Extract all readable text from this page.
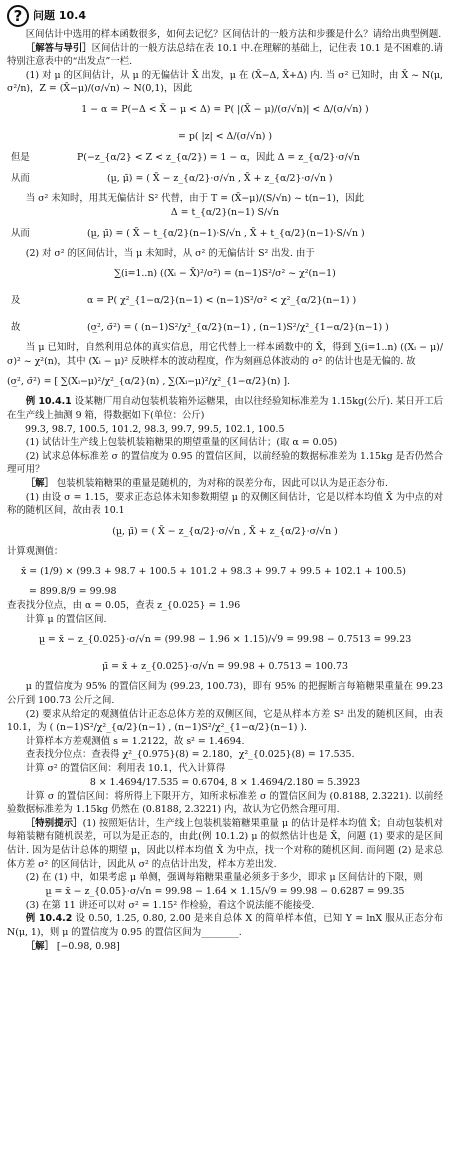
? 问题 10.4

区间估计中选用的样本函数很多，如何去记忆？区间估计的一般方法和步骤是什么？请给出典型例题.

［解答与导引］区间估计的一般方法总结在表 10.1 中.在理解的基础上，记住表 10.1 是不困难的.请特别注意表中的“出发点”一栏.

(1) 对 μ 的区间估计，从 μ 的无偏估计 X̄ 出发，μ 在 (X̄−Δ, X̄+Δ) 内. 当 σ² 已知时，由 X̄ ~ N(μ, σ²/n)，Z = (X̄−μ)/(σ/√n) ~ N(0,1)，因此

1 − α = P(−Δ < X̄ − μ < Δ) = P( |(X̄ − μ)/(σ/√n)| < Δ/(σ/√n) )
= p( |z| < Δ/(σ/√n) )
但是	P(−z_{α/2} < Z < z_{α/2}) = 1 − α，因此 Δ = z_{α/2}·σ/√n
从而	(μ̲, μ̄) = ( X̄ − z_{α/2}·σ/√n , X̄ + z_{α/2}·σ/√n )

当 σ² 未知时，用其无偏估计 S² 代替，由于 T = (X̄−μ)/(S/√n) ~ t(n−1)，因此

Δ = t_{α/2}(n−1) S/√n
从而	(μ̲, μ̄) = ( X̄ − t_{α/2}(n−1)·S/√n , X̄ + t_{α/2}(n−1)·S/√n )

(2) 对 σ² 的区间估计，当 μ 未知时，从 σ² 的无偏估计 S² 出发. 由于

∑(i=1..n) ((Xᵢ − X̄)²/σ²) = (n−1)S²/σ² ~ χ²(n−1)
及	α = P( χ²_{1−α/2}(n−1) < (n−1)S²/σ² < χ²_{α/2}(n−1) )
故	(σ̲², σ̄²) = ( (n−1)S²/χ²_{α/2}(n−1) , (n−1)S²/χ²_{1−α/2}(n−1) )

当 μ 已知时，自然利用总体的真实信息，用它代替上一样本函数中的 X̄，得到 ∑(i=1..n) ((Xᵢ − μ)/σ)² ~ χ²(n)，其中 (Xᵢ − μ)² 反映样本的波动程度，作为刻画总体波动的 σ² 的估计也是无偏的. 故

(σ̲², σ̄²) = [ ∑(Xᵢ−μ)²/χ²_{α/2}(n) , ∑(Xᵢ−μ)²/χ²_{1−α/2}(n) ].

例 10.4.1 设某糖厂用自动包装机装箱外运糖果，由以往经验知标准差为 1.15kg(公斤). 某日开工后在生产线上抽测 9 箱，得数据如下(单位：公斤)

99.3, 98.7, 100.5, 101.2, 98.3, 99.7, 99.5, 102.1, 100.5

(1) 试估计生产线上包装机装箱糖果的期望重量的区间估计；(取 α = 0.05)

(2) 试求总体标准差 σ 的置信度为 0.95 的置信区间，以前经验的数据标准差为 1.15kg 是否仍然合理可用？

［解］ 包装机装箱糖果的重量是随机的，为对称的误差分布，因此可以认为是正态分布.

(1) 由设 σ = 1.15，要求正态总体未知参数期望 μ 的双侧区间估计，它是以样本均值 X̄ 为中点的对称的随机区间，故由表 10.1

(μ̲, μ̄) = ( X̄ − z_{α/2}·σ/√n , X̄ + z_{α/2}·σ/√n )

计算观测值：

x̄ = (1/9) × (99.3 + 98.7 + 100.5 + 101.2 + 98.3 + 99.7 + 99.5 + 102.1 + 100.5)
= 899.8/9 = 99.98

查表找分位点，由 α = 0.05，查表 z_{0.025} = 1.96

计算 μ 的置信区间.

μ̲ = x̄ − z_{0.025}·σ/√n = (99.98 − 1.96 × 1.15)/√9 = 99.98 − 0.7513 = 99.23
μ̄ = x̄ + z_{0.025}·σ/√n = 99.98 + 0.7513 = 100.73

μ 的置信度为 95% 的置信区间为 (99.23, 100.73)，即有 95% 的把握断言每箱糖果重量在 99.23 公斤到 100.73 公斤之间.

(2) 要求从给定的观测值估计正态总体方差的双侧区间，它是从样本方差 S² 出发的随机区间，由表 10.1，为 ( (n−1)S²/χ²_{α/2}(n−1) , (n−1)S²/χ²_{1−α/2}(n−1) ).

计算样本方差观测值 s = 1.2122，故 s² = 1.4694.

查表找分位点：查表得 χ²_{0.975}(8) = 2.180，χ²_{0.025}(8) = 17.535.

计算 σ² 的置信区间：利用表 10.1，代入计算得

8 × 1.4694/17.535 = 0.6704, 8 × 1.4694/2.180 = 5.3923

计算 σ 的置信区间：将所得上下限开方，知所求标准差 σ 的置信区间为 (0.8188, 2.3221). 以前经验数据标准差为 1.15kg 仍然在 (0.8188, 2.3221) 内，故认为它仍然合理可用.

［特别提示］(1) 按照矩估计，生产线上包装机装箱糖果重量 μ 的估计是样本均值 X̄；自动包装机对每箱装糖有随机误差，可以为是正态的，由此(例 10.1.2) μ 的似然估计也是 X̄，问题 (1) 要求的是区间估计. 因为是估计总体的期望 μ，因此以样本均值 X̄ 为中点，找一个对称的随机区间. 而问题 (2) 是求总体方差 σ² 的区间估计，因此从 σ² 的点估计出发，样本方差出发.

(2) 在 (1) 中，如果考虑 μ 单侧，强调每箱糖果重量必须多于多少，即求 μ 区间估计的下限，则

μ̲ = x̄ − z_{0.05}·σ/√n = 99.98 − 1.64 × 1.15/√9 = 99.98 − 0.6287 = 99.35

(3) 在第 11 讲还可以对 σ² = 1.15² 作检验，看这个说法能不能接受.

例 10.4.2 设 0.50, 1.25, 0.80, 2.00 是来自总体 X 的简单样本值，已知 Y = lnX 服从正态分布 N(μ, 1)，则 μ 的置信度为 0.95 的置信区间为________.

［解］ [−0.98, 0.98]
